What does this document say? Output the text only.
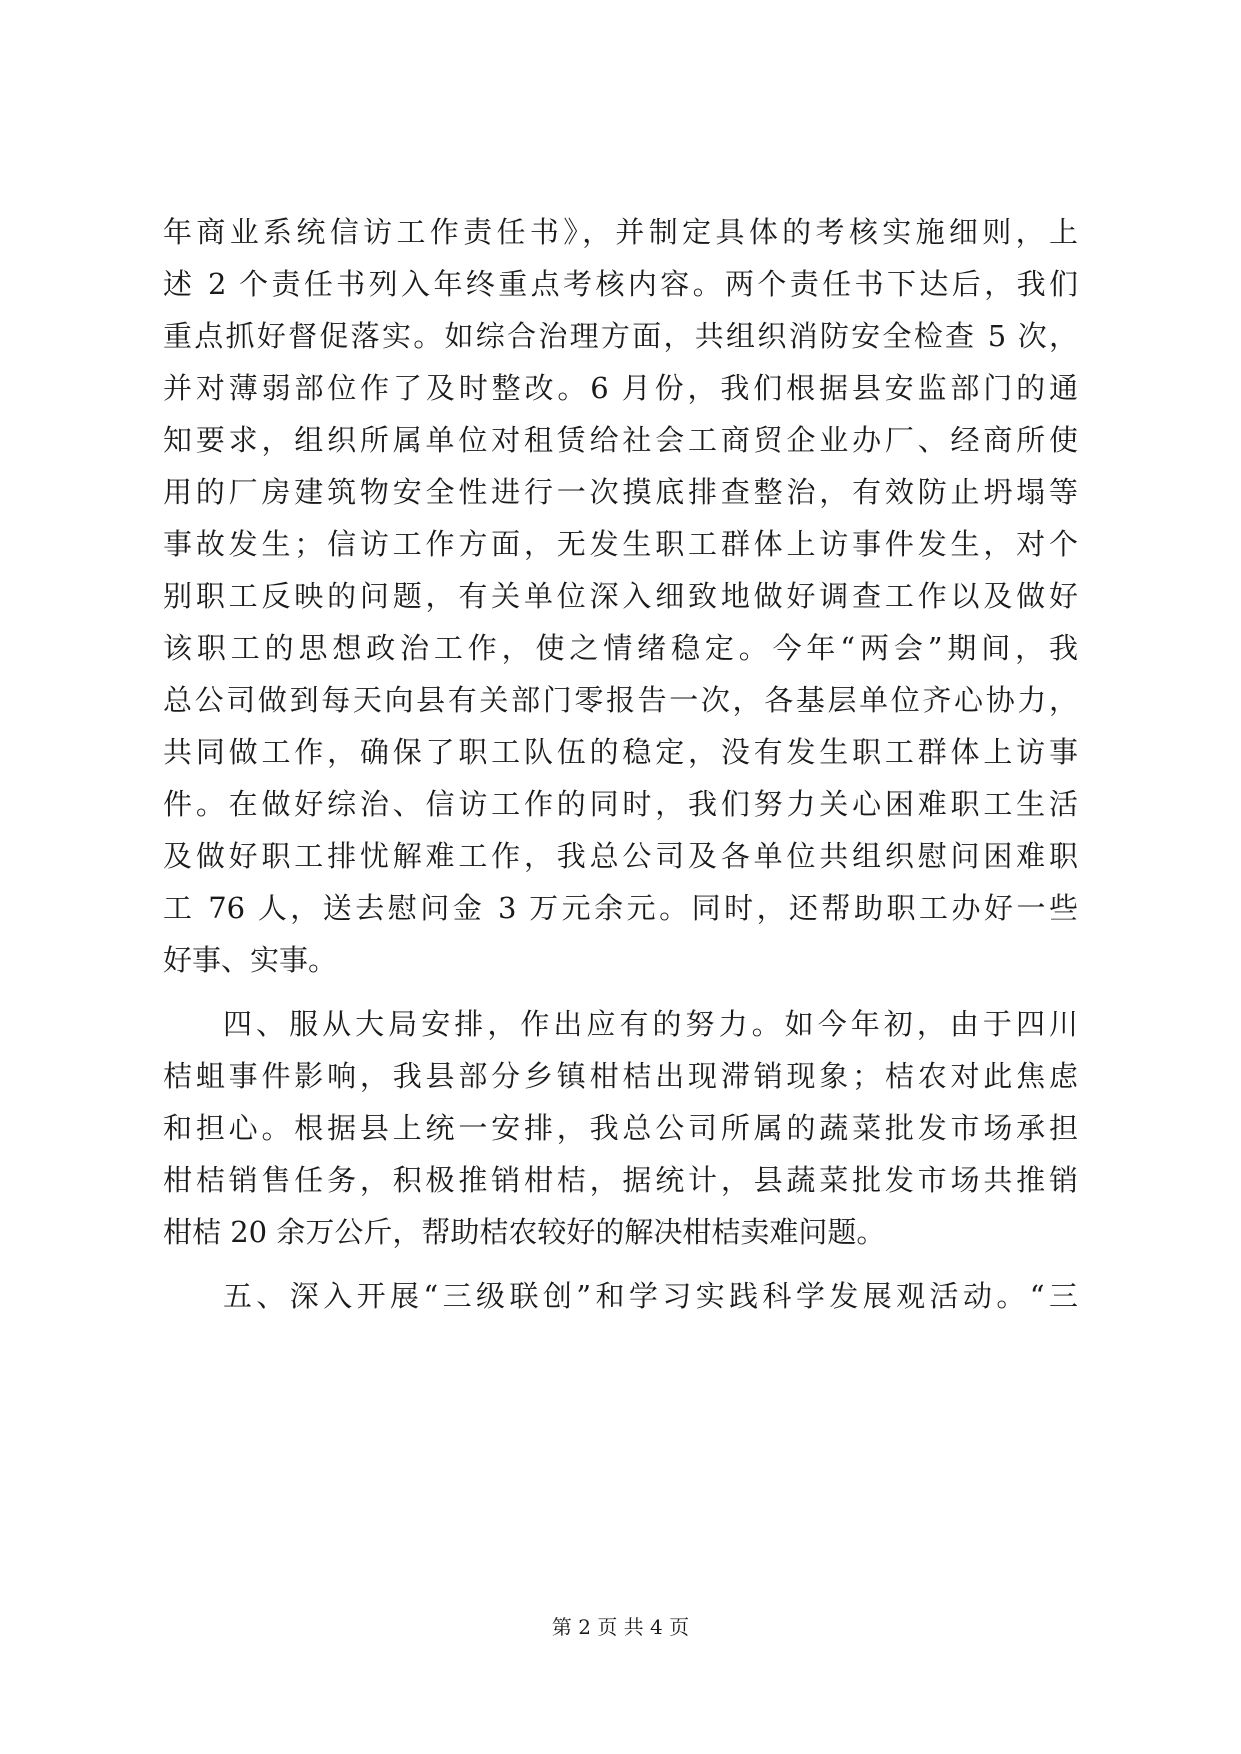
年商业系统信访工作责任书》，并制定具体的考核实施细则，上
述 2 个责任书列入年终重点考核内容。两个责任书下达后，我们
重点抓好督促落实。如综合治理方面，共组织消防安全检查 5 次，
并对薄弱部位作了及时整改。6 月份，我们根据县安监部门的通
知要求，组织所属单位对租赁给社会工商贸企业办厂、经商所使
用的厂房建筑物安全性进行一次摸底排查整治，有效防止坍塌等
事故发生；信访工作方面，无发生职工群体上访事件发生，对个
别职工反映的问题，有关单位深入细致地做好调查工作以及做好
该职工的思想政治工作，使之情绪稳定。今年“两会”期间，我
总公司做到每天向县有关部门零报告一次，各基层单位齐心协力，
共同做工作，确保了职工队伍的稳定，没有发生职工群体上访事
件。在做好综治、信访工作的同时，我们努力关心困难职工生活
及做好职工排忧解难工作，我总公司及各单位共组织慰问困难职
工 76 人，送去慰问金 3 万元余元。同时，还帮助职工办好一些
好事、实事。
四、服从大局安排，作出应有的努力。如今年初，由于四川
桔蛆事件影响，我县部分乡镇柑桔出现滞销现象；桔农对此焦虑
和担心。根据县上统一安排，我总公司所属的蔬菜批发市场承担
柑桔销售任务，积极推销柑桔，据统计，县蔬菜批发市场共推销
柑桔 20 余万公斤，帮助桔农较好的解决柑桔卖难问题。
五、深入开展“三级联创”和学习实践科学发展观活动。“三
第 2 页 共 4 页
